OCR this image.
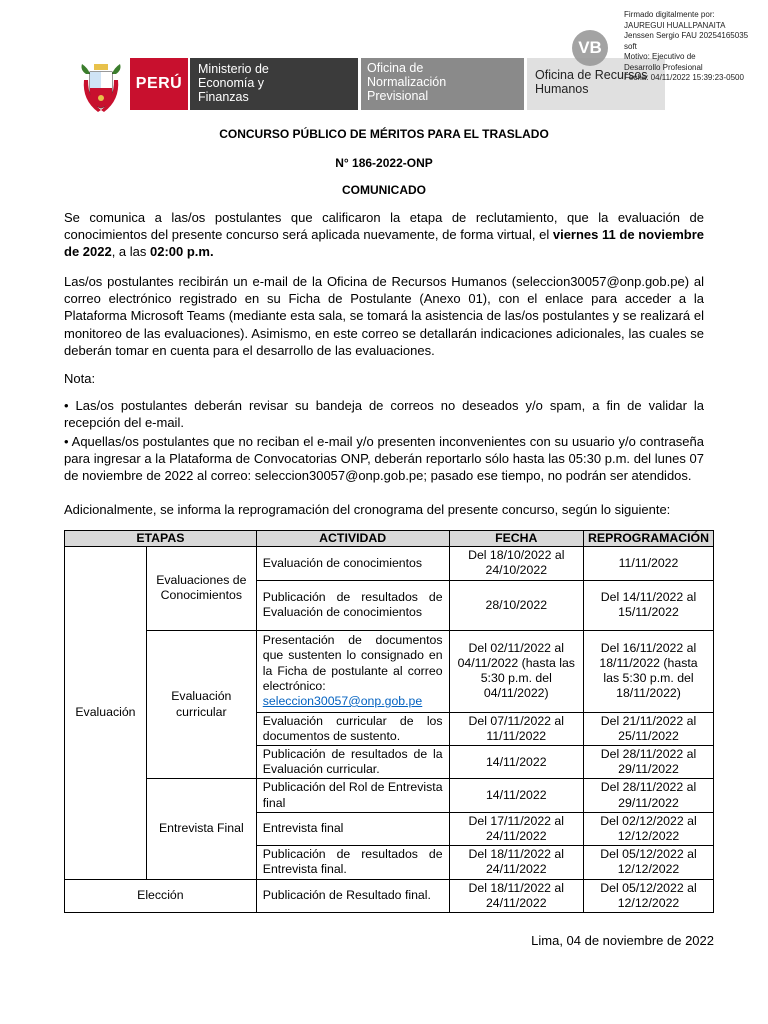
PERÚ
Ministerio de
Economía y
Finanzas
Oficina de
Normalización
Previsional
Oficina de Recursos
Humanos
VB
Firmado digitalmente por:
JAUREGUI HUALLPANAITA
Jenssen Sergio FAU 20254165035
soft
Motivo: Ejecutivo de
Desarrollo Profesional
Fecha: 04/11/2022 15:39:23-0500
CONCURSO PÚBLICO DE MÉRITOS PARA EL TRASLADO
N° 186-2022-ONP
COMUNICADO
Se comunica a las/os postulantes que calificaron la etapa de reclutamiento, que la evaluación de conocimientos del presente concurso será aplicada nuevamente, de forma virtual, el viernes 11 de noviembre de 2022, a las 02:00 p.m.
Las/os postulantes recibirán un e-mail de la Oficina de Recursos Humanos (seleccion30057@onp.gob.pe) al correo electrónico registrado en su Ficha de Postulante (Anexo 01), con el enlace para acceder a la Plataforma Microsoft Teams (mediante esta sala, se tomará la asistencia de las/os postulantes y se realizará el monitoreo de las evaluaciones). Asimismo, en este correo se detallarán indicaciones adicionales, las cuales se deberán tomar en cuenta para el desarrollo de las evaluaciones.
Nota:
• Las/os postulantes deberán revisar su bandeja de correos no deseados y/o spam, a fin de validar la recepción del e-mail.
• Aquellas/os postulantes que no reciban el e-mail y/o presenten inconvenientes con su usuario y/o contraseña para ingresar a la Plataforma de Convocatorias ONP, deberán reportarlo sólo hasta las 05:30 p.m. del lunes 07 de noviembre de 2022 al correo: seleccion30057@onp.gob.pe; pasado ese tiempo, no podrán ser atendidos.
Adicionalmente, se informa la reprogramación del cronograma del presente concurso, según lo siguiente:
ETAPAS		ACTIVIDAD	FECHA	REPROGRAMACIÓN
Evaluación	Evaluaciones de Conocimientos	Evaluación de conocimientos	Del 18/10/2022 al 24/10/2022	11/11/2022
		Publicación de resultados de Evaluación de conocimientos	28/10/2022	Del 14/11/2022 al 15/11/2022
	Evaluación curricular	Presentación de documentos que sustenten lo consignado en la Ficha de postulante al correo electrónico:
seleccion30057@onp.gob.pe	Del 02/11/2022 al 04/11/2022 (hasta las 5:30 p.m. del 04/11/2022)	Del 16/11/2022 al 18/11/2022 (hasta las 5:30 p.m. del 18/11/2022)
		Evaluación curricular de los documentos de sustento.	Del 07/11/2022 al 11/11/2022	Del 21/11/2022 al 25/11/2022
		Publicación de resultados de la Evaluación curricular.	14/11/2022	Del 28/11/2022 al 29/11/2022
	Entrevista Final	Publicación del Rol de Entrevista final	14/11/2022	Del 28/11/2022 al 29/11/2022
		Entrevista final	Del 17/11/2022 al 24/11/2022	Del 02/12/2022 al 12/12/2022
		Publicación de resultados de Entrevista final.	Del 18/11/2022 al 24/11/2022	Del 05/12/2022 al 12/12/2022
Elección		Publicación de Resultado final.	Del 18/11/2022 al 24/11/2022	Del 05/12/2022 al 12/12/2022
Lima, 04 de noviembre de 2022
